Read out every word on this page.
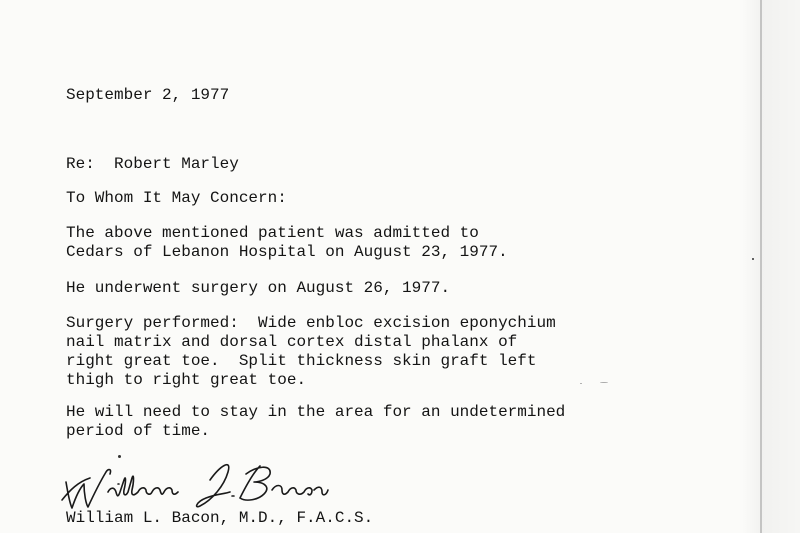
September 2, 1977

Re:  Robert Marley

To Whom It May Concern:

The above mentioned patient was admitted to

Cedars of Lebanon Hospital on August 23, 1977.

He underwent surgery on August 26, 1977.

Surgery performed:  Wide enbloc excision eponychium

nail matrix and dorsal cortex distal phalanx of

right great toe.  Split thickness skin graft left

thigh to right great toe.

He will need to stay in the area for an undetermined

period of time.

William L. Bacon, M.D., F.A.C.S.
